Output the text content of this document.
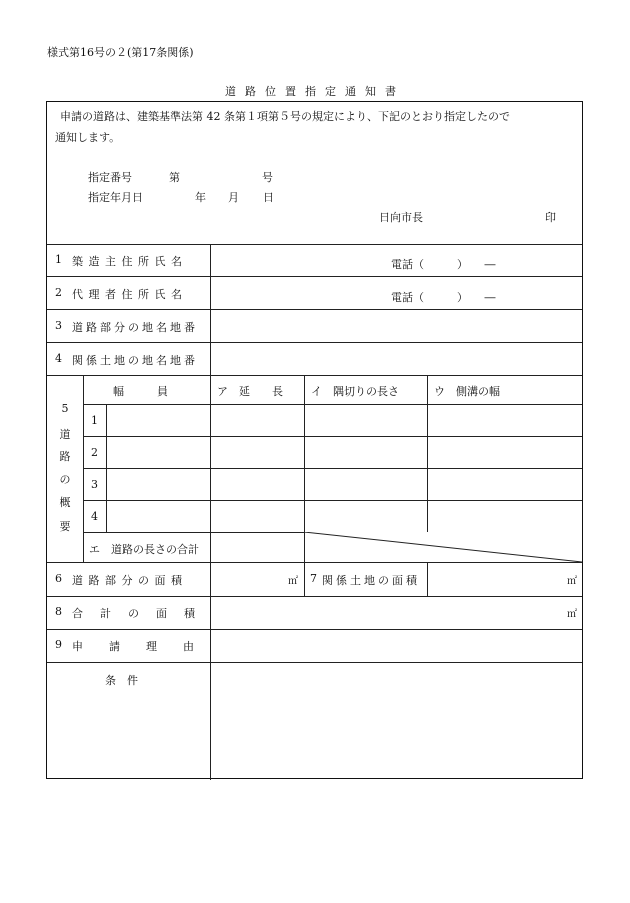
様式第16号の２(第17条関係)
道路位置指定通知書
申請の道路は、建築基準法第 42 条第１項第５号の規定により、下記のとおり指定したので
通知します。
指定番号	第	号
指定年月日	年 月 日
日向市長	印
1 築造主住所氏名	電話（　　　）　　―
2 代理者住所氏名	電話（　　　）　　―
3 道路部分の地名地番
4 関係土地の地名地番
5
道
路
の
概
要
幅　　　員	ア　延　　長	イ　隅切りの長さ	ウ　側溝の幅
1
2
3
4
エ　道路の長さの合計
6 道路部分の面積	㎡ 7 関係土地の面積	㎡
8 合計の面積	㎡
9 申請理由
条　件
